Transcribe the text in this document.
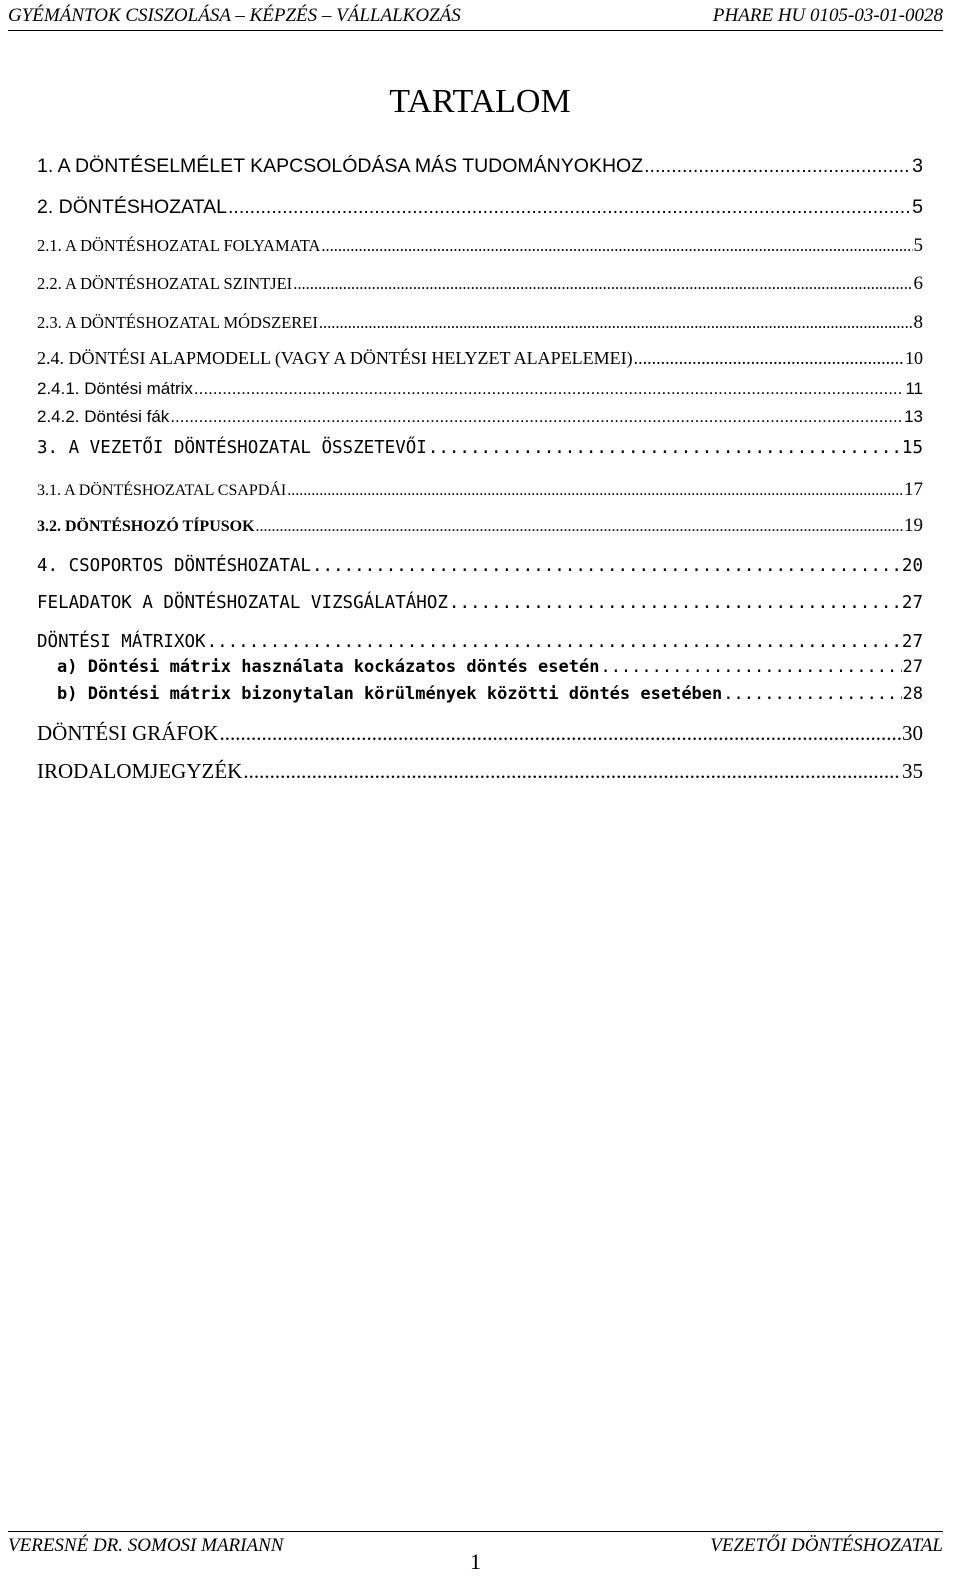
GYÉMÁNTOK CSISZOLÁSA – KÉPZÉS – VÁLLALKOZÁS	PHARE HU 0105-03-01-0028
TARTALOM
1. A DÖNTÉSELMÉLET KAPCSOLÓDÁSA MÁS TUDOMÁNYOKHOZ .....	3
2. DÖNTÉSHOZATAL .....	5
2.1. A DÖNTÉSHOZATAL FOLYAMATA .....	5
2.2. A DÖNTÉSHOZATAL SZINTJEI .....	6
2.3. A DÖNTÉSHOZATAL MÓDSZEREI .....	8
2.4. DÖNTÉSI ALAPMODELL (VAGY A DÖNTÉSI HELYZET ALAPELEMEI) .....	10
2.4.1. Döntési mátrix .....	11
2.4.2. Döntési fák .....	13
3. A VEZETŐI DÖNTÉSHOZATAL ÖSSZETEVŐI .....	15
3.1. A DÖNTÉSHOZATAL CSAPDÁI .....	17
3.2. DÖNTÉSHOZÓ TÍPUSOK .....	19
4. CSOPORTOS DÖNTÉSHOZATAL .....	20
FELADATOK A DÖNTÉSHOZATAL VIZSGÁLATÁHOZ .....	27
DÖNTÉSI MÁTRIXOK .....	27
a) Döntési mátrix használata kockázatos döntés esetén .....	27
b) Döntési mátrix bizonytalan körülmények közötti döntés esetében .....	28
DÖNTÉSI GRÁFOK .....	30
IRODALOMJEGYZÉK .....	35
VERESNÉ DR. SOMOSI MARIANN
1
VEZETŐI DÖNTÉSHOZATAL
